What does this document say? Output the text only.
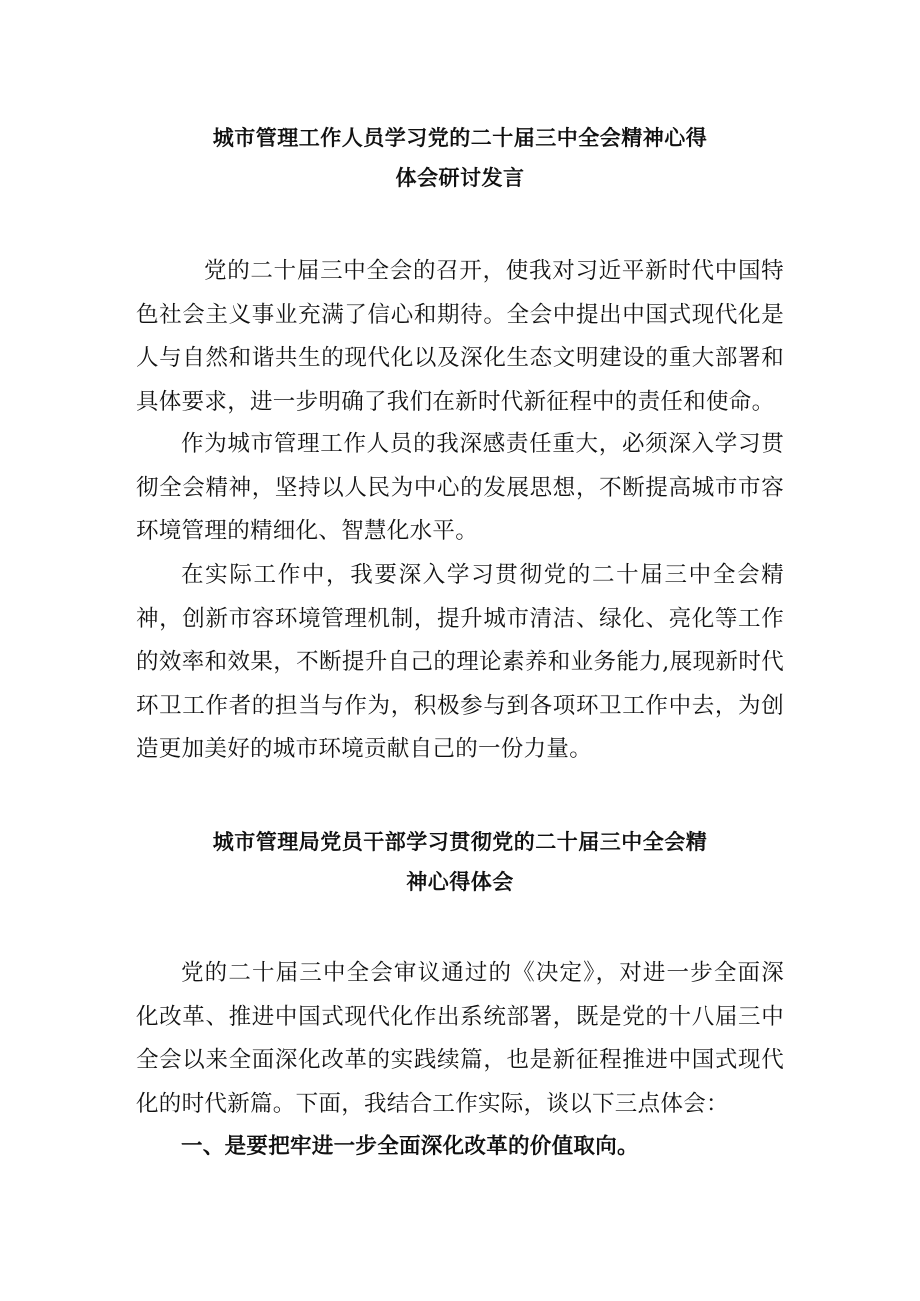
城市管理工作人员学习党的二十届三中全会精神心得
体会研讨发言

党的二十届三中全会的召开，使我对习近平新时代中国特色社会主义事业充满了信心和期待。全会中提出中国式现代化是人与自然和谐共生的现代化以及深化生态文明建设的重大部署和具体要求，进一步明确了我们在新时代新征程中的责任和使命。

作为城市管理工作人员的我深感责任重大，必须深入学习贯彻全会精神，坚持以人民为中心的发展思想，不断提高城市市容环境管理的精细化、智慧化水平。

在实际工作中，我要深入学习贯彻党的二十届三中全会精神，创新市容环境管理机制，提升城市清洁、绿化、亮化等工作的效率和效果，不断提升自己的理论素养和业务能力,展现新时代环卫工作者的担当与作为，积极参与到各项环卫工作中去，为创造更加美好的城市环境贡献自己的一份力量。

城市管理局党员干部学习贯彻党的二十届三中全会精
神心得体会

党的二十届三中全会审议通过的《决定》，对进一步全面深化改革、推进中国式现代化作出系统部署，既是党的十八届三中全会以来全面深化改革的实践续篇，也是新征程推进中国式现代化的时代新篇。下面，我结合工作实际，谈以下三点体会：

一、是要把牢进一步全面深化改革的价值取向。
